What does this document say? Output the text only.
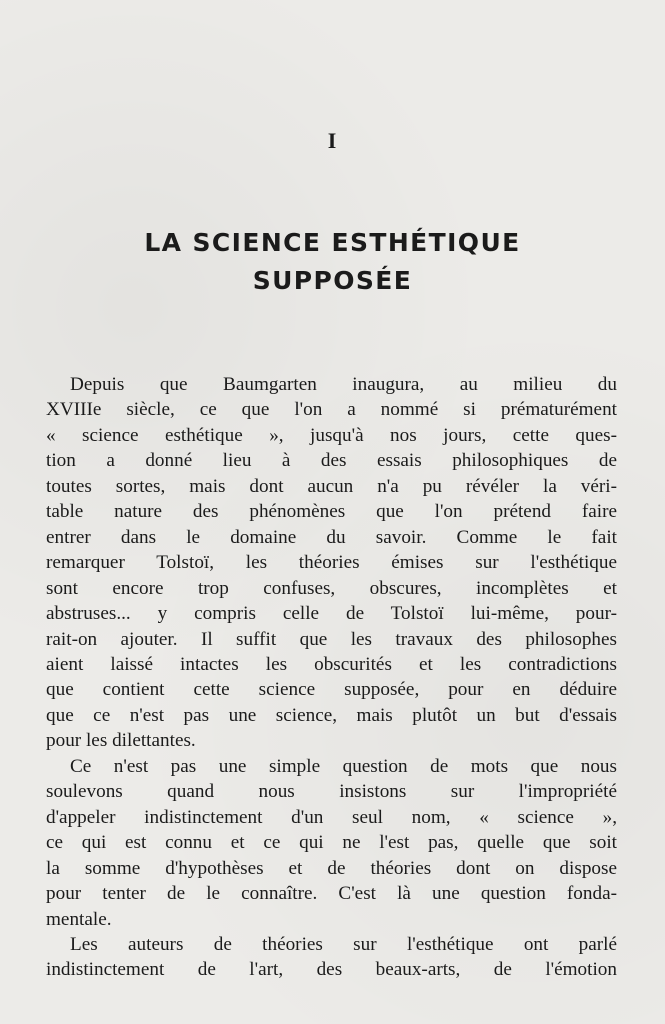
I
LA SCIENCE ESTHÉTIQUE
SUPPOSÉE

Depuis que Baumgarten inaugura, au milieu du
XVIIIe siècle, ce que l'on a nommé si prématurément
« science esthétique », jusqu'à nos jours, cette ques-
tion a donné lieu à des essais philosophiques de
toutes sortes, mais dont aucun n'a pu révéler la véri-
table nature des phénomènes que l'on prétend faire
entrer dans le domaine du savoir. Comme le fait
remarquer Tolstoï, les théories émises sur l'esthétique
sont encore trop confuses, obscures, incomplètes et
abstruses... y compris celle de Tolstoï lui-même, pour-
rait-on ajouter. Il suffit que les travaux des philosophes
aient laissé intactes les obscurités et les contradictions
que contient cette science supposée, pour en déduire
que ce n'est pas une science, mais plutôt un but d'essais
pour les dilettantes.

Ce n'est pas une simple question de mots que nous
soulevons quand nous insistons sur l'impropriété
d'appeler indistinctement d'un seul nom, « science »,
ce qui est connu et ce qui ne l'est pas, quelle que soit
la somme d'hypothèses et de théories dont on dispose
pour tenter de le connaître. C'est là une question fonda-
mentale.

Les auteurs de théories sur l'esthétique ont parlé
indistinctement de l'art, des beaux-arts, de l'émotion
